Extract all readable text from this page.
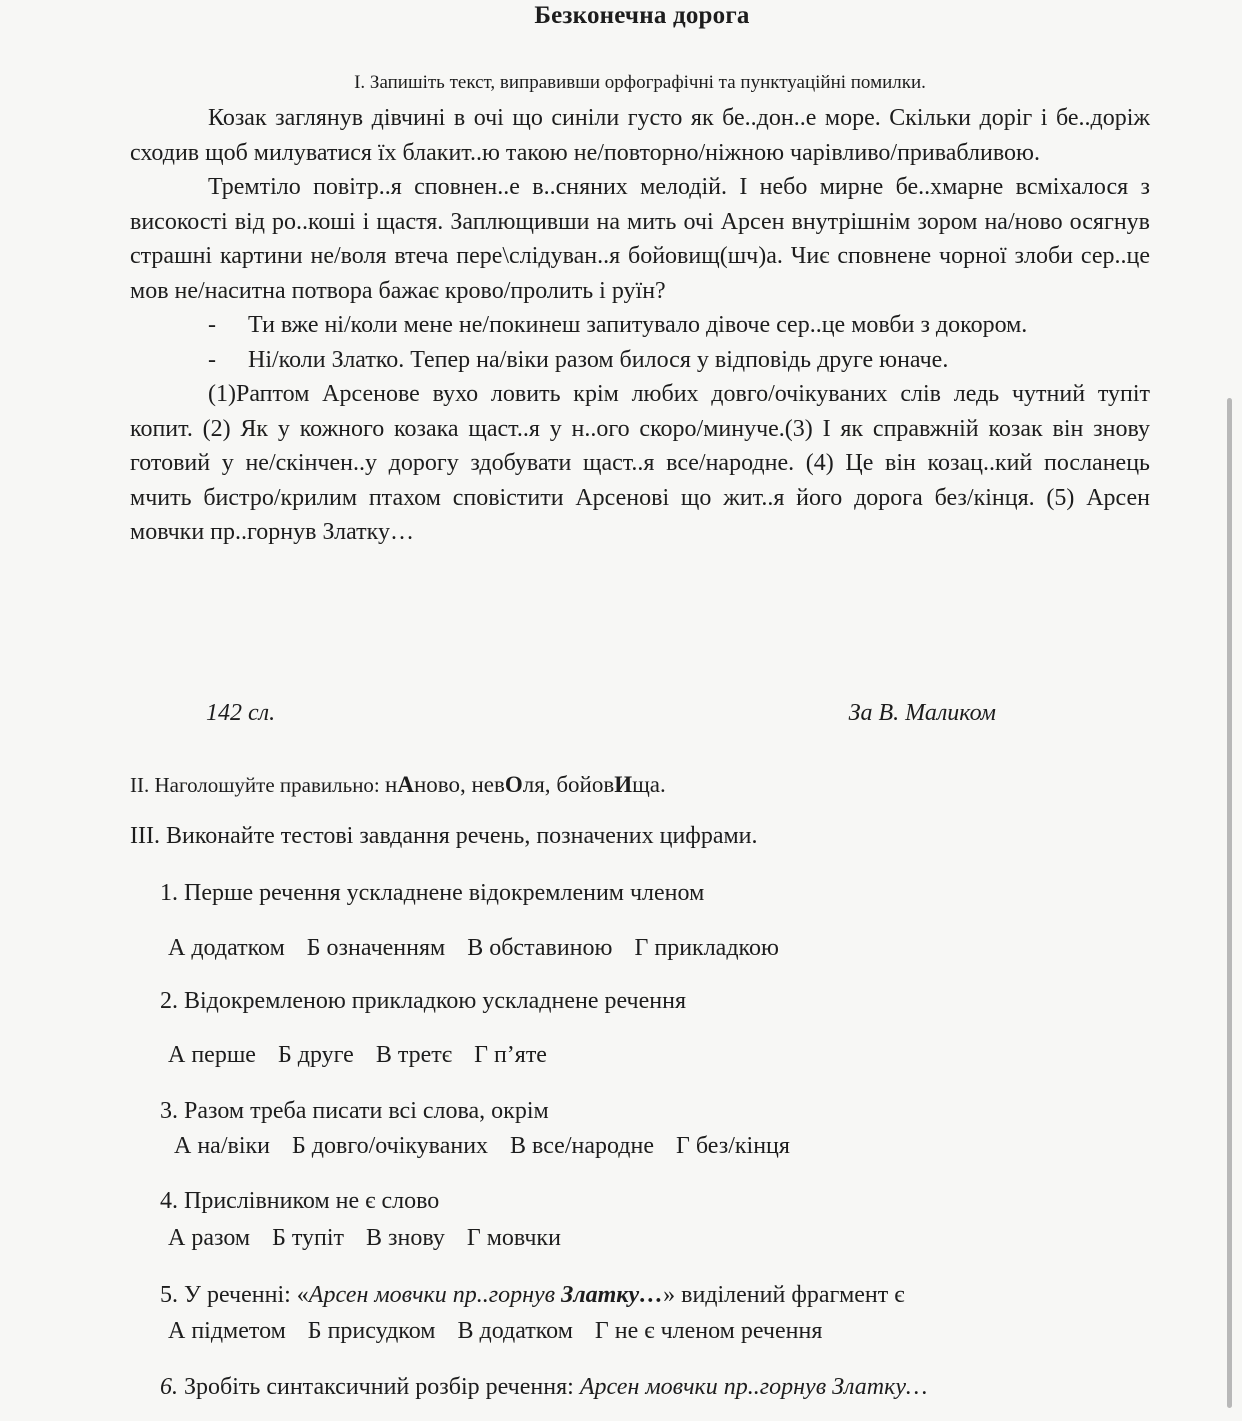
Безконечна дорога
І. Запишіть текст, виправивши орфографічні та пунктуаційні помилки.

Козак заглянув дівчині в очі що синіли густо як бе..дон..е море. Скільки доріг і бе..доріж сходив щоб милуватися їх блакит..ю такою не/повторно/ніжною чарівливо/привабливою.

Тремтіло повітр..я сповнен..е в..сняних мелодій. І небо мирне бе..хмарне всміхалося з високості від ро..коші і щастя. Заплющивши на мить очі Арсен внутрішнім зором на/ново осягнув страшні картини не/воля втеча пере\слідуван..я бойовищ(шч)а. Чиє сповнене чорної злоби сер..це мов не/наситна потвора бажає крово/пролить і руїн?

- Ти вже ні/коли мене не/покинеш запитувало дівоче сер..це мовби з докором.
- Ні/коли Златко. Тепер на/віки разом билося у відповідь друге юначе.

(1)Раптом Арсенове вухо ловить крім любих довго/очікуваних слів ледь чутний тупіт копит. (2) Як у кожного козака щаст..я у н..ого скоро/минуче.(3) І як справжній козак він знову готовий у не/скінчен..у дорогу здобувати щаст..я все/народне. (4) Це він козац..кий посланець мчить бистро/крилим птахом сповістити Арсенові що жит..я його дорога без/кінця. (5) Арсен мовчки пр..горнув Златку…

142 сл.	За В. Маликом
ІІ. Наголошуйте правильно: нАново, невОля, бойовИща.
ІІІ. Виконайте тестові завдання речень, позначених цифрами.
1. Перше речення ускладнене відокремленим членом
А додатком Б означенням В обставиною Г прикладкою
2. Відокремленою прикладкою ускладнене речення
А перше Б друге В третє Г п’яте
3. Разом треба писати всі слова, окрім
А на/віки Б довго/очікуваних В все/народне Г без/кінця
4. Прислівником не є слово
А разом Б тупіт В знову Г мовчки
5. У реченні: «Арсен мовчки пр..горнув Златку…» виділений фрагмент є
А підметом Б присудком В додатком Г не є членом речення
6. Зробіть синтаксичний розбір речення: Арсен мовчки пр..горнув Златку…
